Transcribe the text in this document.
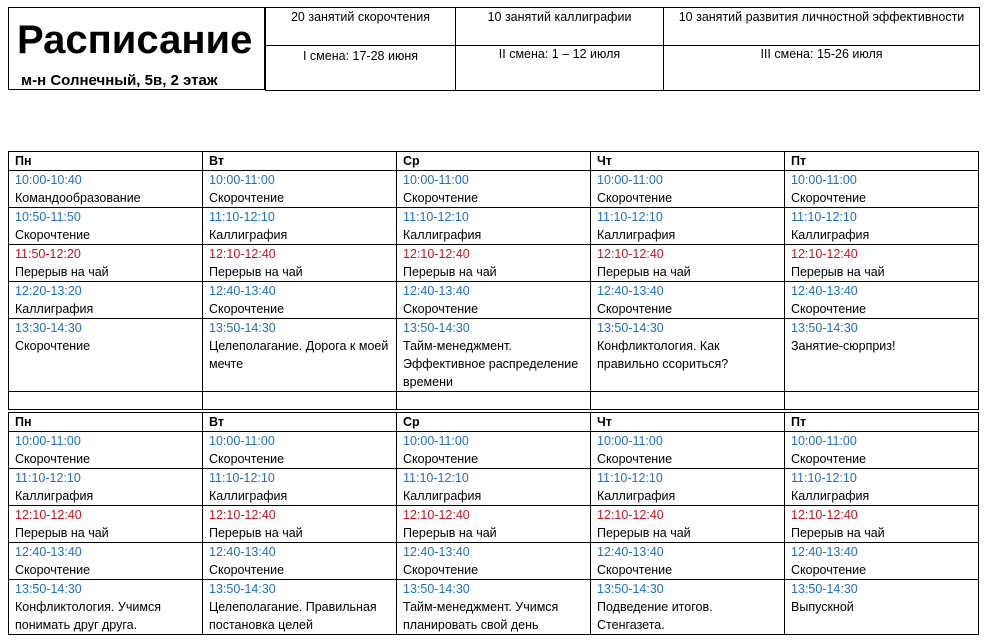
Расписание
м-н Солнечный, 5в, 2 этаж
20 занятий скорочтения	10 занятий каллиграфии	10 занятий развития личностной эффективности
I смена: 17-28 июня	II смена: 1 – 12 июля	III смена: 15-26 июля
Пн	Вт	Ср	Чт	Пт
10:00-10:40	10:00-11:00	10:00-11:00	10:00-11:00	10:00-11:00
Командообразование	Скорочтение	Скорочтение	Скорочтение	Скорочтение
10:50-11:50	11:10-12:10	11:10-12:10	11:10-12:10	11:10-12:10
Скорочтение	Каллиграфия	Каллиграфия	Каллиграфия	Каллиграфия
11:50-12:20	12:10-12:40	12:10-12:40	12:10-12:40	12:10-12:40
Перерыв на чай	Перерыв на чай	Перерыв на чай	Перерыв на чай	Перерыв на чай
12:20-13:20	12:40-13:40	12:40-13:40	12:40-13:40	12:40-13:40
Каллиграфия	Скорочтение	Скорочтение	Скорочтение	Скорочтение
13:30-14:30	13:50-14:30	13:50-14:30	13:50-14:30	13:50-14:30
Скорочтение	Целеполагание. Дорога к моей мечте	Тайм-менеджмент. Эффективное распределение времени	Конфликтология. Как правильно ссориться?	Занятие-сюрприз!

Пн	Вт	Ср	Чт	Пт
10:00-11:00	10:00-11:00	10:00-11:00	10:00-11:00	10:00-11:00
Скорочтение	Скорочтение	Скорочтение	Скорочтение	Скорочтение
11:10-12:10	11:10-12:10	11:10-12:10	11:10-12:10	11:10-12:10
Каллиграфия	Каллиграфия	Каллиграфия	Каллиграфия	Каллиграфия
12:10-12:40	12:10-12:40	12:10-12:40	12:10-12:40	12:10-12:40
Перерыв на чай	Перерыв на чай	Перерыв на чай	Перерыв на чай	Перерыв на чай
12:40-13:40	12:40-13:40	12:40-13:40	12:40-13:40	12:40-13:40
Скорочтение	Скорочтение	Скорочтение	Скорочтение	Скорочтение
13:50-14:30	13:50-14:30	13:50-14:30	13:50-14:30	13:50-14:30
Конфликтология. Учимся понимать друг друга.	Целеполагание. Правильная постановка целей	Тайм-менеджмент. Учимся планировать свой день	Подведение итогов. Стенгазета.	Выпускной
